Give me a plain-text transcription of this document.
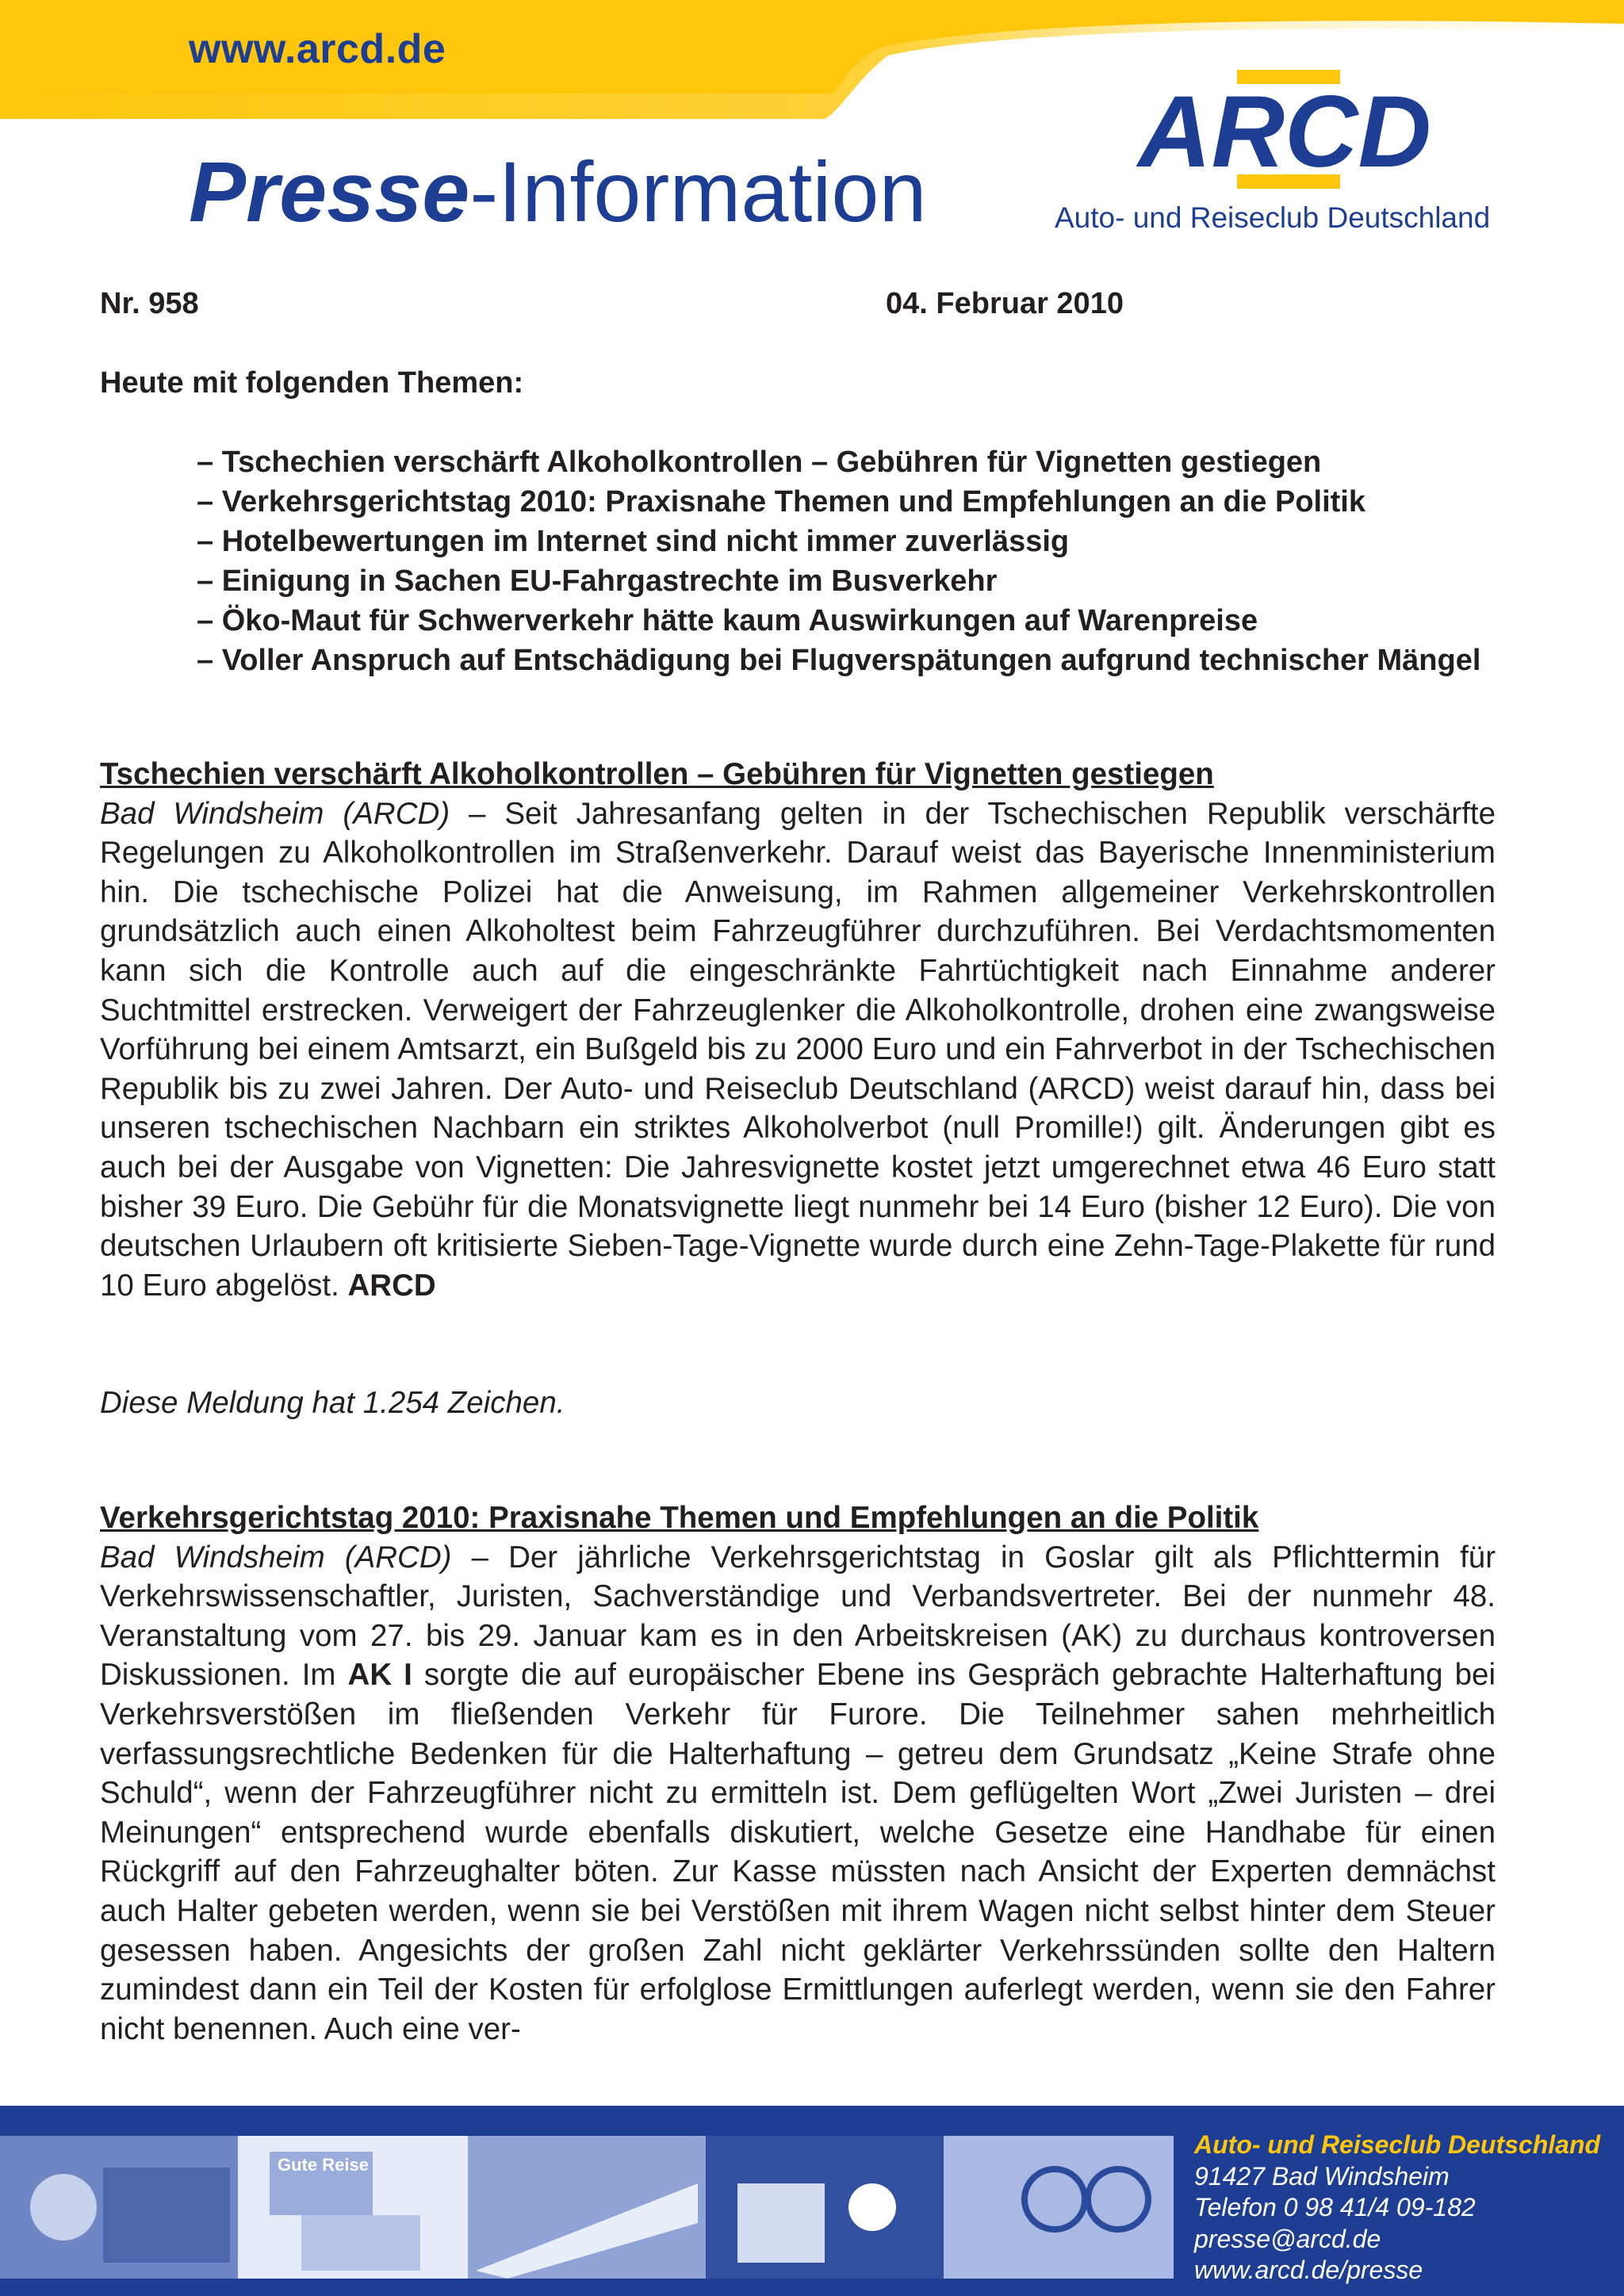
www.arcd.de
Presse-Information
ARCD
Auto- und Reiseclub Deutschland
Nr. 958	04. Februar 2010
Heute mit folgenden Themen:
– Tschechien verschärft Alkoholkontrollen – Gebühren für Vignetten gestiegen
– Verkehrsgerichtstag 2010: Praxisnahe Themen und Empfehlungen an die Politik
– Hotelbewertungen im Internet sind nicht immer zuverlässig
– Einigung in Sachen EU-Fahrgastrechte im Busverkehr
– Öko-Maut für Schwerverkehr hätte kaum Auswirkungen auf Warenpreise
– Voller Anspruch auf Entschädigung bei Flugverspätungen aufgrund technischer Mängel
Tschechien verschärft Alkoholkontrollen – Gebühren für Vignetten gestiegen

Bad Windsheim (ARCD) – Seit Jahresanfang gelten in der Tschechischen Republik verschärfte Regelungen zu Alkoholkontrollen im Straßenverkehr. Darauf weist das Bayerische Innenministerium hin. Die tschechische Polizei hat die Anweisung, im Rahmen allgemeiner Verkehrskontrollen grundsätzlich auch einen Alkoholtest beim Fahrzeugführer durchzuführen. Bei Verdachtsmomenten kann sich die Kontrolle auch auf die eingeschränkte Fahrtüchtigkeit nach Einnahme anderer Suchtmittel erstrecken. Verweigert der Fahrzeuglenker die Alkoholkontrolle, drohen eine zwangsweise Vorführung bei einem Amtsarzt, ein Bußgeld bis zu 2000 Euro und ein Fahrverbot in der Tschechischen Republik bis zu zwei Jahren. Der Auto- und Reiseclub Deutschland (ARCD) weist darauf hin, dass bei unseren tschechischen Nachbarn ein striktes Alkoholverbot (null Promille!) gilt. Änderungen gibt es auch bei der Ausgabe von Vignetten: Die Jahresvignette kostet jetzt umgerechnet etwa 46 Euro statt bisher 39 Euro. Die Gebühr für die Monatsvignette liegt nunmehr bei 14 Euro (bisher 12 Euro). Die von deutschen Urlaubern oft kritisierte Sieben-Tage-Vignette wurde durch eine Zehn-Tage-Plakette für rund 10 Euro abgelöst. ARCD

Diese Meldung hat 1.254 Zeichen.
Verkehrsgerichtstag 2010: Praxisnahe Themen und Empfehlungen an die Politik

Bad Windsheim (ARCD) – Der jährliche Verkehrsgerichtstag in Goslar gilt als Pflichttermin für Verkehrswissenschaftler, Juristen, Sachverständige und Verbandsvertreter. Bei der nunmehr 48. Veranstaltung vom 27. bis 29. Januar kam es in den Arbeitskreisen (AK) zu durchaus kontroversen Diskussionen. Im AK I sorgte die auf europäischer Ebene ins Gespräch gebrachte Halterhaftung bei Verkehrsverstößen im fließenden Verkehr für Furore. Die Teilnehmer sahen mehrheitlich verfassungsrechtliche Bedenken für die Halterhaftung – getreu dem Grundsatz „Keine Strafe ohne Schuld“, wenn der Fahrzeugführer nicht zu ermitteln ist. Dem geflügelten Wort „Zwei Juristen – drei Meinungen“ entsprechend wurde ebenfalls diskutiert, welche Gesetze eine Handhabe für einen Rückgriff auf den Fahrzeughalter böten. Zur Kasse müssten nach Ansicht der Experten demnächst auch Halter gebeten werden, wenn sie bei Verstößen mit ihrem Wagen nicht selbst hinter dem Steuer gesessen haben. Angesichts der großen Zahl nicht geklärter Verkehrssünden sollte den Haltern zumindest dann ein Teil der Kosten für erfolglose Ermittlungen auferlegt werden, wenn sie den Fahrer nicht benennen. Auch eine ver-

Gute Reise
Auto- und Reiseclub Deutschland
91427 Bad Windsheim
Telefon 0 98 41/4 09-182
presse@arcd.de
www.arcd.de/presse
